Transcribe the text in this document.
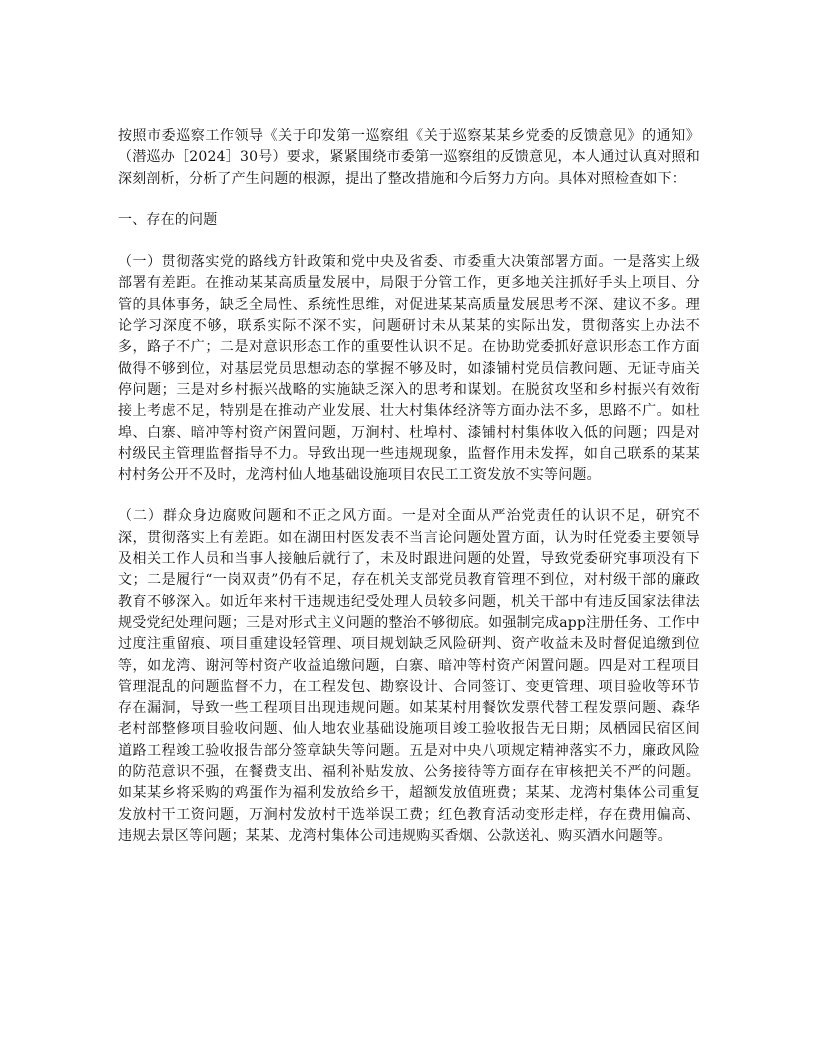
按照市委巡察工作领导《关于印发第一巡察组《关于巡察某某乡党委的反馈意见》的通知》（潜巡办［2024］30号）要求，紧紧围绕市委第一巡察组的反馈意见，本人通过认真对照和深刻剖析，分析了产生问题的根源，提出了整改措施和今后努力方向。具体对照检查如下：

一、存在的问题

（一）贯彻落实党的路线方针政策和党中央及省委、市委重大决策部署方面。一是落实上级部署有差距。在推动某某高质量发展中，局限于分管工作，更多地关注抓好手头上项目、分管的具体事务，缺乏全局性、系统性思维，对促进某某高质量发展思考不深、建议不多。理论学习深度不够，联系实际不深不实，问题研讨未从某某的实际出发，贯彻落实上办法不多，路子不广；二是对意识形态工作的重要性认识不足。在协助党委抓好意识形态工作方面做得不够到位，对基层党员思想动态的掌握不够及时，如漆铺村党员信教问题、无证寺庙关停问题；三是对乡村振兴战略的实施缺乏深入的思考和谋划。在脱贫攻坚和乡村振兴有效衔接上考虑不足，特别是在推动产业发展、壮大村集体经济等方面办法不多，思路不广。如杜埠、白寨、暗冲等村资产闲置问题，万涧村、杜埠村、漆铺村村集体收入低的问题；四是对村级民主管理监督指导不力。导致出现一些违规现象，监督作用未发挥，如自己联系的某某村村务公开不及时，龙湾村仙人地基础设施项目农民工工资发放不实等问题。

（二）群众身边腐败问题和不正之风方面。一是对全面从严治党责任的认识不足，研究不深，贯彻落实上有差距。如在湖田村医发表不当言论问题处置方面，认为时任党委主要领导及相关工作人员和当事人接触后就行了，未及时跟进问题的处置，导致党委研究事项没有下文；二是履行“一岗双责”仍有不足，存在机关支部党员教育管理不到位，对村级干部的廉政教育不够深入。如近年来村干违规违纪受处理人员较多问题，机关干部中有违反国家法律法规受党纪处理问题；三是对形式主义问题的整治不够彻底。如强制完成app注册任务、工作中过度注重留痕、项目重建设轻管理、项目规划缺乏风险研判、资产收益未及时督促追缴到位等，如龙湾、谢河等村资产收益追缴问题，白寨、暗冲等村资产闲置问题。四是对工程项目管理混乱的问题监督不力，在工程发包、勘察设计、合同签订、变更管理、项目验收等环节存在漏洞，导致一些工程项目出现违规问题。如某某村用餐饮发票代替工程发票问题、森华老村部整修项目验收问题、仙人地农业基础设施项目竣工验收报告无日期；凤栖园民宿区间道路工程竣工验收报告部分签章缺失等问题。五是对中央八项规定精神落实不力，廉政风险的防范意识不强，在餐费支出、福利补贴发放、公务接待等方面存在审核把关不严的问题。如某某乡将采购的鸡蛋作为福利发放给乡干，超额发放值班费；某某、龙湾村集体公司重复发放村干工资问题，万涧村发放村干选举误工费；红色教育活动变形走样，存在费用偏高、违规去景区等问题；某某、龙湾村集体公司违规购买香烟、公款送礼、购买酒水问题等。
